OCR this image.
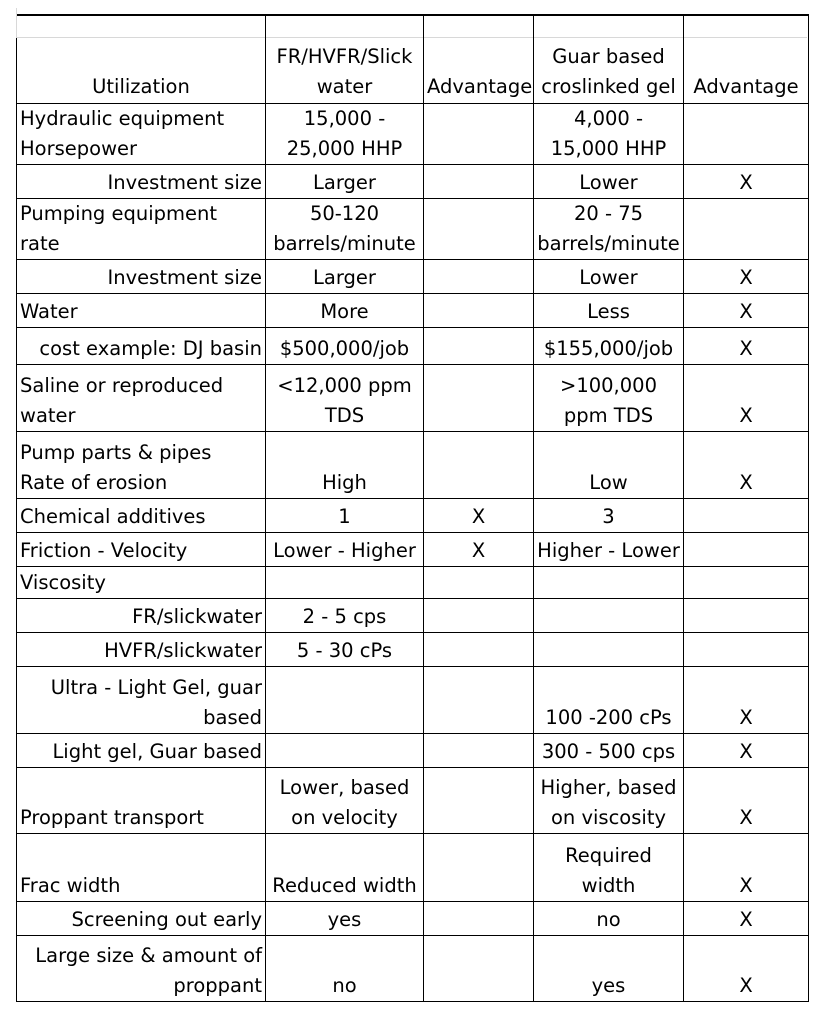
Utilization	FR/HVFR/Slick water	Advantage	Guar based croslinked gel	Advantage
Hydraulic equipment Horsepower	15,000 - 25,000 HHP		4,000 - 15,000 HHP	
Investment size	Larger		Lower	X
Pumping equipment rate	50-120 barrels/minute		20 - 75 barrels/minute	
Investment size	Larger		Lower	X
Water	More		Less	X
cost example: DJ basin	$500,000/job		$155,000/job	X
Saline or reproduced water	<12,000 ppm TDS		>100,000 ppm TDS	X
Pump parts & pipes Rate of erosion	High		Low	X
Chemical additives	1	X	3	
Friction - Velocity	Lower - Higher	X	Higher - Lower	
Viscosity				
FR/slickwater	2 - 5 cps			
HVFR/slickwater	5 - 30 cPs			
Ultra - Light Gel, guar based			100 -200 cPs	X
Light gel, Guar based			300 - 500 cps	X
Proppant transport	Lower, based on velocity		Higher, based on viscosity	X
Frac width	Reduced width		Required width	X
Screening out early	yes		no	X
Large size & amount of proppant	no		yes	X
